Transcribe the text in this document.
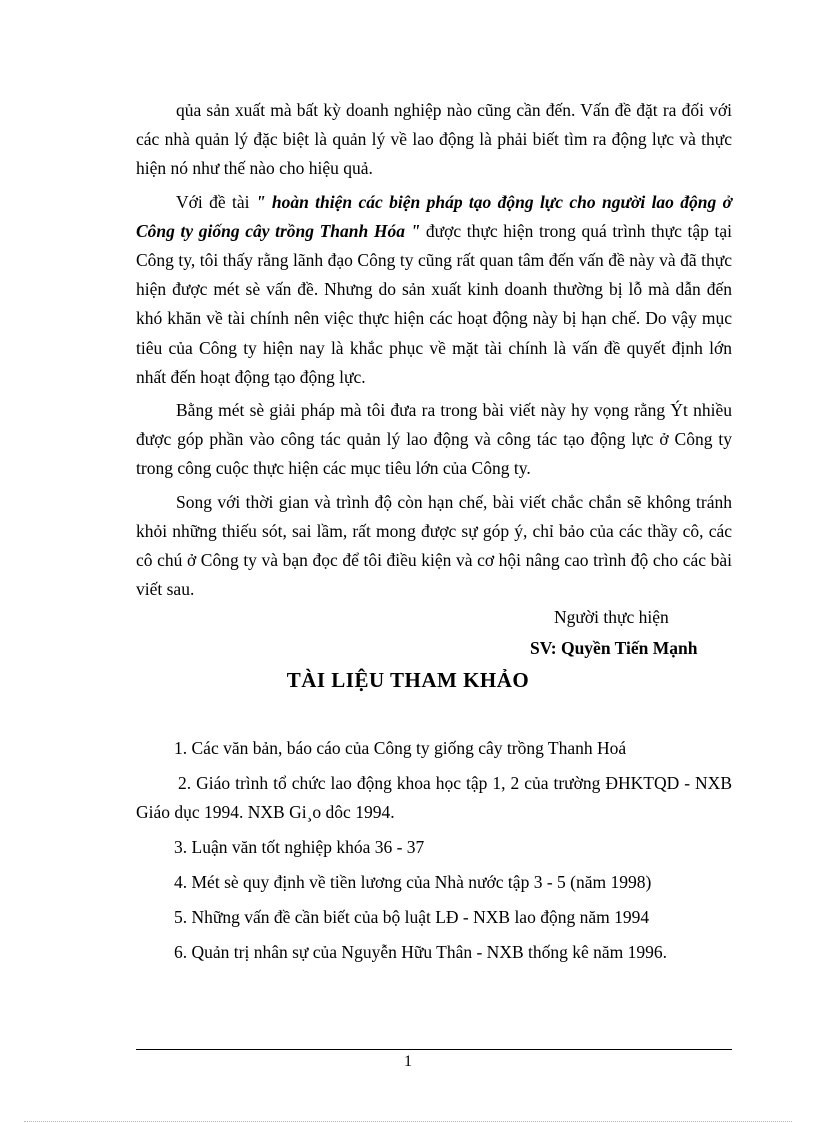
qủa sản xuất mà bất kỳ doanh nghiệp nào cũng cần đến. Vấn đề đặt ra đối với các nhà quản lý đặc biệt là quản lý về lao động là phải biết tìm ra động lực và thực hiện nó như thế nào cho hiệu quả.

Với đề tài " hoàn thiện các biện pháp tạo động lực cho người lao động ở Công ty giống cây trồng Thanh Hóa " được thực hiện trong quá trình thực tập tại Công ty, tôi thấy rằng lãnh đạo Công ty cũng rất quan tâm đến vấn đề này và đã thực hiện được mét sè vấn đề. Nhưng do sản xuất kinh doanh thường bị lỗ mà dẫn đến khó khăn về tài chính nên việc thực hiện các hoạt động này bị hạn chế. Do vậy mục tiêu của Công ty hiện nay là khắc phục về mặt tài chính là vấn đề quyết định lớn nhất đến hoạt động tạo động lực.

Bằng mét sè giải pháp mà tôi đưa ra trong bài viết này hy vọng rằng Ýt nhiều được góp phần vào công tác quản lý lao động và công tác tạo động lực ở Công ty trong công cuộc thực hiện các mục tiêu lớn của Công ty.

Song với thời gian và trình độ còn hạn chế, bài viết chắc chắn sẽ không tránh khỏi những thiếu sót, sai lầm, rất mong được sự góp ý, chỉ bảo của các thầy cô, các cô chú ở Công ty và bạn đọc để tôi điều kiện và cơ hội nâng cao trình độ cho các bài viết sau.

Người thực hiện
SV: Quyền Tiến Mạnh
TÀI LIỆU THAM KHẢO

1. Các văn bản, báo cáo của Công ty giống cây trồng Thanh Hoá

2. Giáo trình tổ chức lao động khoa học tập 1, 2 của trường ĐHKTQD - NXB Giáo dục 1994. NXB Gi¸o dôc 1994.

3. Luận văn tốt nghiệp khóa 36 - 37

4. Mét sè quy định về tiền lương của Nhà nước tập 3 - 5 (năm 1998)

5. Những vấn đề cần biết của bộ luật LĐ - NXB lao động năm 1994

6. Quản trị nhân sự của Nguyễn Hữu Thân - NXB thống kê năm 1996.

1
